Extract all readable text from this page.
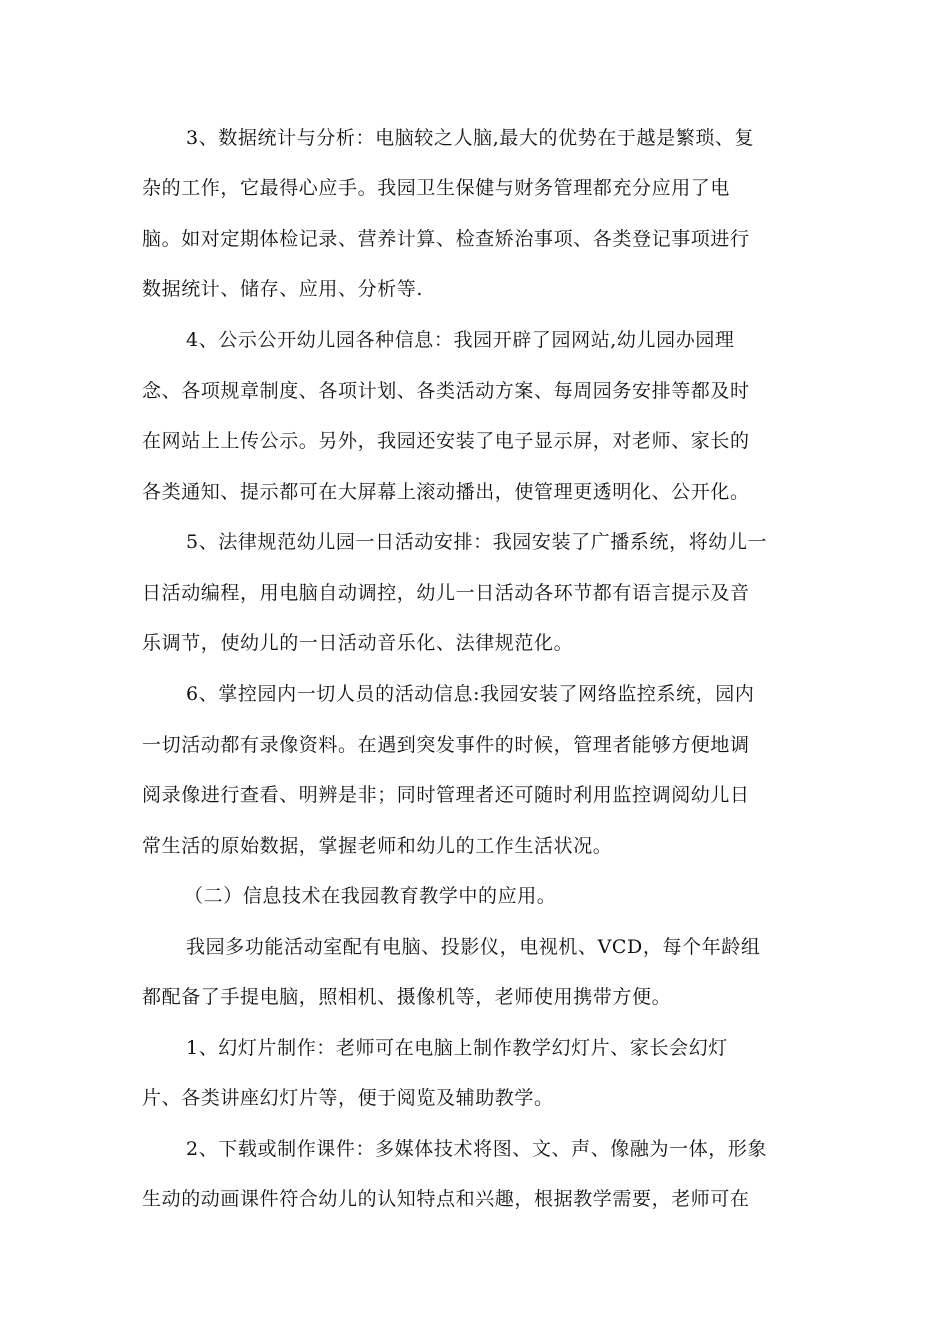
3、数据统计与分析：电脑较之人脑,最大的优势在于越是繁琐、复
杂的工作，它最得心应手。我园卫生保健与财务管理都充分应用了电
脑。如对定期体检记录、营养计算、检查矫治事项、各类登记事项进行
数据统计、储存、应用、分析等.
4、公示公开幼儿园各种信息：我园开辟了园网站,幼儿园办园理
念、各项规章制度、各项计划、各类活动方案、每周园务安排等都及时
在网站上上传公示。另外，我园还安装了电子显示屏，对老师、家长的
各类通知、提示都可在大屏幕上滚动播出，使管理更透明化、公开化。
5、法律规范幼儿园一日活动安排：我园安装了广播系统，将幼儿一
日活动编程，用电脑自动调控，幼儿一日活动各环节都有语言提示及音
乐调节，使幼儿的一日活动音乐化、法律规范化。
6、掌控园内一切人员的活动信息:我园安装了网络监控系统，园内
一切活动都有录像资料。在遇到突发事件的时候，管理者能够方便地调
阅录像进行查看、明辨是非；同时管理者还可随时利用监控调阅幼儿日
常生活的原始数据，掌握老师和幼儿的工作生活状况。
（二）信息技术在我园教育教学中的应用。
我园多功能活动室配有电脑、投影仪，电视机、VCD，每个年龄组
都配备了手提电脑，照相机、摄像机等，老师使用携带方便。
1、幻灯片制作：老师可在电脑上制作教学幻灯片、家长会幻灯
片、各类讲座幻灯片等，便于阅览及辅助教学。
2、下载或制作课件：多媒体技术将图、文、声、像融为一体，形象
生动的动画课件符合幼儿的认知特点和兴趣，根据教学需要，老师可在
